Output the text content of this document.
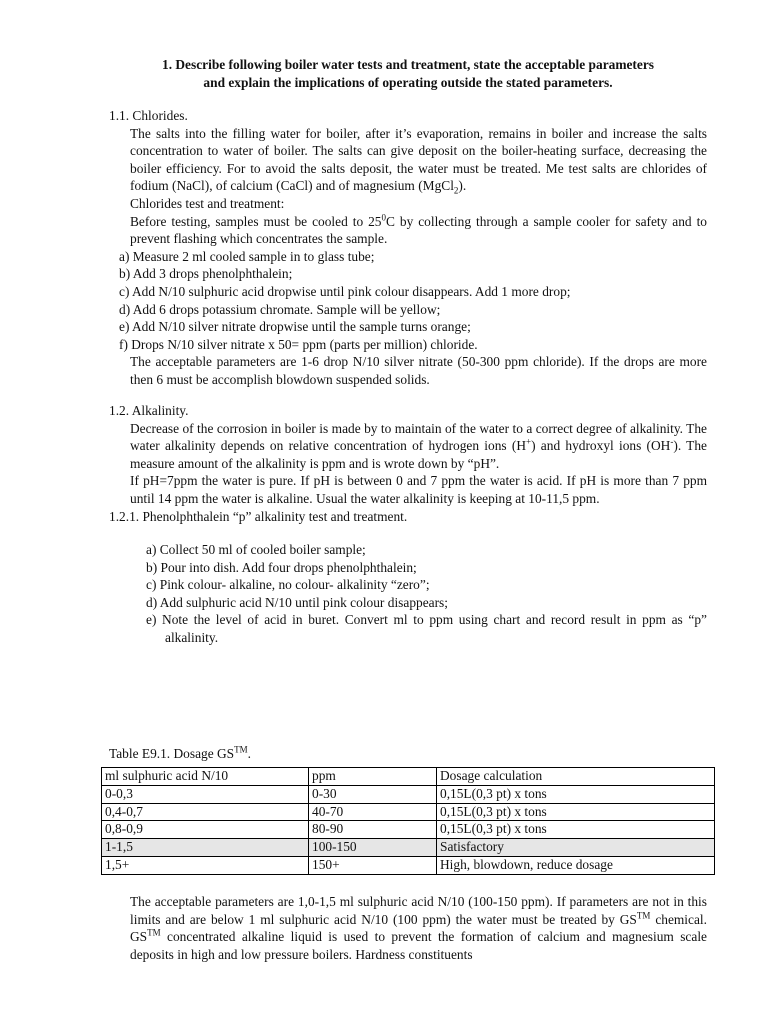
1. Describe following boiler water tests and treatment, state the acceptable parameters
and explain the implications of operating outside the stated parameters.

1.1. Chlorides.

The salts into the filling water for boiler, after it’s evaporation, remains in boiler and increase the salts concentration to water of boiler. The salts can give deposit on the boiler-heating surface, decreasing the boiler efficiency. For to avoid the salts deposit, the water must be treated. Me test salts are chlorides of fodium (NaCl), of calcium (CaCl) and of magnesium (MgCl$_2$).

Chlorides test and treatment:

Before testing, samples must be cooled to $25^0C$ by collecting through a sample cooler for safety and to prevent flashing which concentrates the sample.

a) Measure 2 ml cooled sample in to glass tube;

b) Add 3 drops phenolphthalein;

c) Add N/10 sulphuric acid dropwise until pink colour disappears. Add 1 more drop;

d) Add 6 drops potassium chromate. Sample will be yellow;

e) Add N/10 silver nitrate dropwise until the sample turns orange;

f) Drops N/10 silver nitrate x 50= ppm (parts per million) chloride.

The acceptable parameters are 1-6 drop N/10 silver nitrate (50-300 ppm chloride). If the drops are more then 6 must be accomplish blowdown suspended solids.

1.2. Alkalinity.

Decrease of the corrosion in boiler is made by to maintain of the water to a correct degree of alkalinity. The water alkalinity depends on relative concentration of hydrogen ions (H+) and hydroxyl ions (OH-). The measure amount of the alkalinity is ppm and is wrote down by “pH”.

If pH=7ppm the water is pure. If pH is between 0 and 7 ppm the water is acid. If pH is more than 7 ppm until 14 ppm the water is alkaline. Usual the water alkalinity is keeping at 10-11,5 ppm.

1.2.1. Phenolphthalein “p” alkalinity test and treatment.

a) Collect 50 ml of cooled boiler sample;

b) Pour into dish. Add four drops phenolphthalein;

c) Pink colour- alkaline, no colour- alkalinity “zero”;

d) Add sulphuric acid N/10 until pink colour disappears;

e) Note the level of acid in buret. Convert ml to ppm using chart and record result in ppm as “p” alkalinity.

Table E9.1. Dosage GS™.
ml sulphuric acid N/10	ppm	Dosage calculation
0-0,3	0-30	0,15L(0,3 pt) x tons
0,4-0,7	40-70	0,15L(0,3 pt) x tons
0,8-0,9	80-90	0,15L(0,3 pt) x tons
1-1,5	100-150	Satisfactory
1,5+	150+	High, blowdown, reduce dosage

The acceptable parameters are 1,0-1,5 ml sulphuric acid N/10 (100-150 ppm). If parameters are not in this limits and are below 1 ml sulphuric acid N/10 (100 ppm) the water must be treated by GS™ chemical. GS™ concentrated alkaline liquid is used to prevent the formation of calcium and magnesium scale deposits in high and low pressure boilers. Hardness constituents
